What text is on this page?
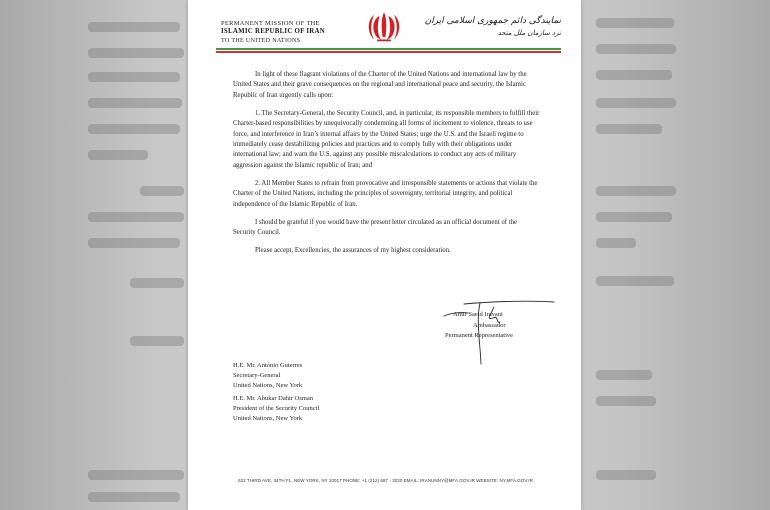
PERMANENT MISSION OF THE
ISLAMIC REPUBLIC OF IRAN
TO THE UNITED NATIONS
نمایندگی دائم جمهوری اسلامی ایران
نزد سازمان ملل متحد

In light of these flagrant violations of the Charter of the United Nations and international law by the United States and their grave consequences on the regional and international peace and security, the Islamic Republic of Iran urgently calls upon:

1. The Secretary-General, the Security Council, and, in particular, its responsible members to fulfill their Charter-based responsibilities by unequivocally condemning all forms of incitement to violence, threats to use force, and interference in Iran’s internal affairs by the United States; urge the U.S. and the Israeli regime to immediately cease destabilizing policies and practices and to comply fully with their obligations under international law; and warn the U.S. against any possible miscalculations to conduct any acts of military aggression against the Islamic republic of Iran; and

2. All Member States to refrain from provocative and irresponsible statements or actions that violate the Charter of the United Nations, including the principles of sovereignty, territorial integrity, and political independence of the Islamic Republic of Iran.

I should be grateful if you would have the present letter circulated as an official document of the Security Council.

Please accept, Excellencies, the assurances of my highest consideration.

Amir Saeid Iravani
Ambassador
Permanent Representative
H.E. Mr. António Guterres
Secretary-General
United Nations, New York
H.E. Mr. Abukar Dahir Osman
President of the Security Council
United Nations, New York
622 THIRD AVE, 34TH FL, NEW YORK, NY 10017 PHONE: +1 (212) 687 - 2020 EMAIL: IRANUNNY@MFA.GOV.IR WEBSITE: NY.MFA.GOV.IR
